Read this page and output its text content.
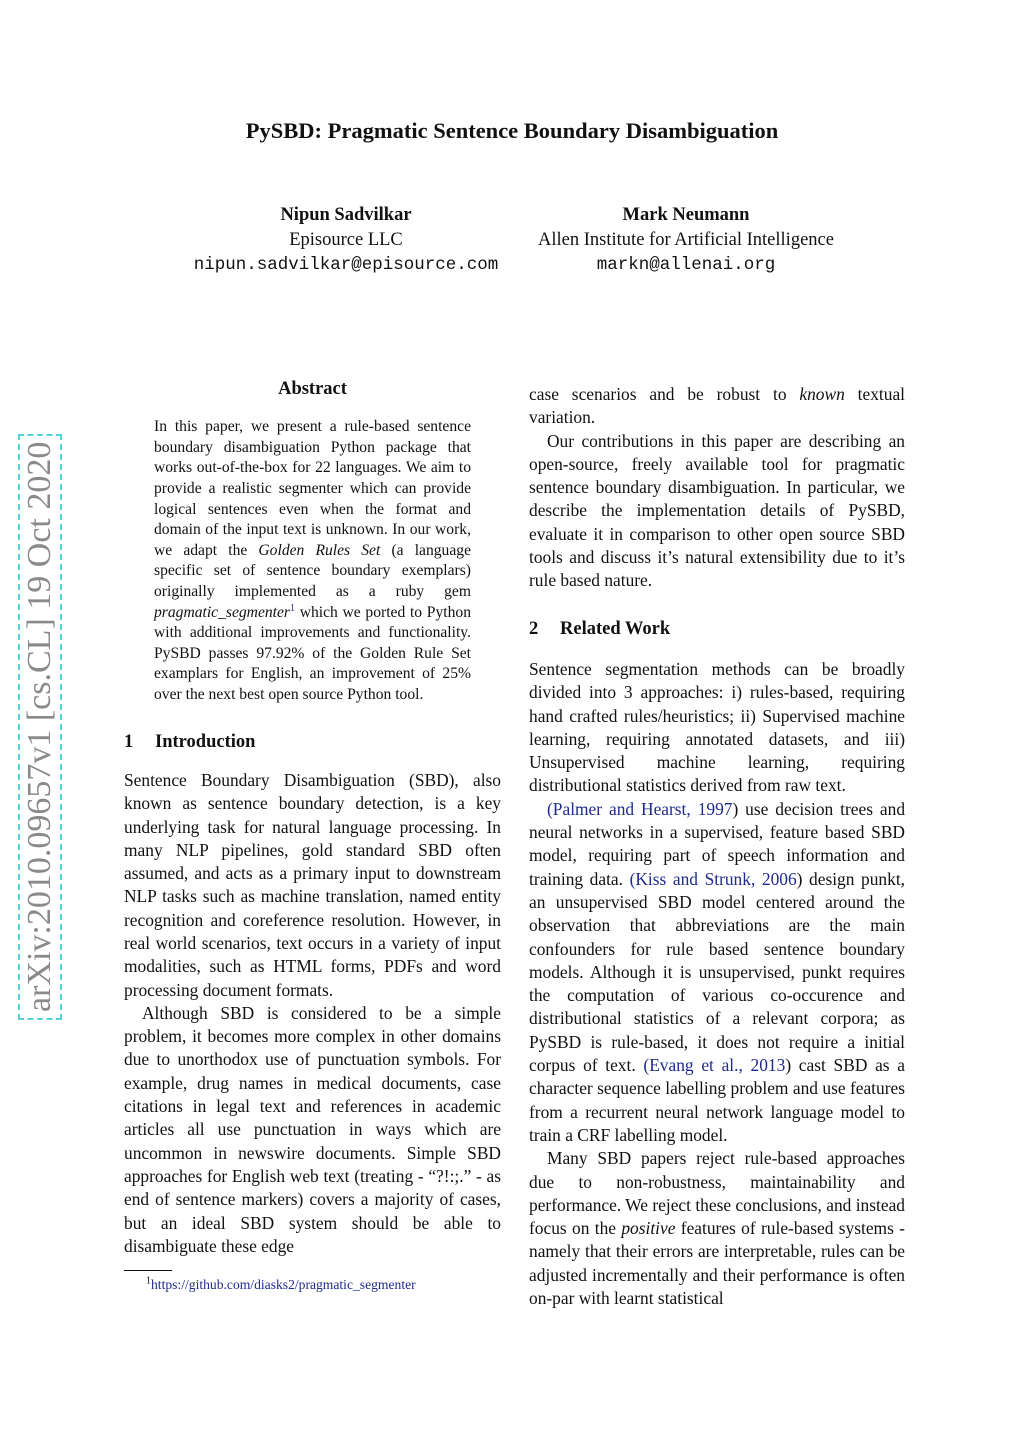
PySBD: Pragmatic Sentence Boundary Disambiguation
Nipun Sadvilkar
Episource LLC
nipun.sadvilkar@episource.com
Mark Neumann
Allen Institute for Artificial Intelligence
markn@allenai.org
arXiv:2010.09657v1 [cs.CL] 19 Oct 2020
Abstract
In this paper, we present a rule-based sentence boundary disambiguation Python package that works out-of-the-box for 22 languages. We aim to provide a realistic segmenter which can provide logical sentences even when the format and domain of the input text is unknown. In our work, we adapt the Golden Rules Set (a language specific set of sentence boundary exemplars) originally implemented as a ruby gem pragmatic_segmenter$^1$ which we ported to Python with additional improvements and functionality. PySBD passes 97.92% of the Golden Rule Set examplars for English, an improvement of 25% over the next best open source Python tool.
1 Introduction

Sentence Boundary Disambiguation (SBD), also known as sentence boundary detection, is a key underlying task for natural language processing. In many NLP pipelines, gold standard SBD often assumed, and acts as a primary input to downstream NLP tasks such as machine translation, named entity recognition and coreference resolution. However, in real world scenarios, text occurs in a variety of input modalities, such as HTML forms, PDFs and word processing document formats.

Although SBD is considered to be a simple problem, it becomes more complex in other domains due to unorthodox use of punctuation symbols. For example, drug names in medical documents, case citations in legal text and references in academic articles all use punctuation in ways which are uncommon in newswire documents. Simple SBD approaches for English web text (treating - “?!:;.” - as end of sentence markers) covers a majority of cases, but an ideal SBD system should be able to disambiguate these edge

$^1$https://github.com/diasks2/pragmatic_segmenter

case scenarios and be robust to known textual variation.

Our contributions in this paper are describing an open-source, freely available tool for pragmatic sentence boundary disambiguation. In particular, we describe the implementation details of PySBD, evaluate it in comparison to other open source SBD tools and discuss it’s natural extensibility due to it’s rule based nature.

2 Related Work

Sentence segmentation methods can be broadly divided into 3 approaches: i) rules-based, requiring hand crafted rules/heuristics; ii) Supervised machine learning, requiring annotated datasets, and iii) Unsupervised machine learning, requiring distributional statistics derived from raw text.

(Palmer and Hearst, 1997) use decision trees and neural networks in a supervised, feature based SBD model, requiring part of speech information and training data. (Kiss and Strunk, 2006) design punkt, an unsupervised SBD model centered around the observation that abbreviations are the main confounders for rule based sentence boundary models. Although it is unsupervised, punkt requires the computation of various co-occurence and distributional statistics of a relevant corpora; as PySBD is rule-based, it does not require a initial corpus of text. (Evang et al., 2013) cast SBD as a character sequence labelling problem and use features from a recurrent neural network language model to train a CRF labelling model.

Many SBD papers reject rule-based approaches due to non-robustness, maintainability and performance. We reject these conclusions, and instead focus on the positive features of rule-based systems - namely that their errors are interpretable, rules can be adjusted incrementally and their performance is often on-par with learnt statistical
